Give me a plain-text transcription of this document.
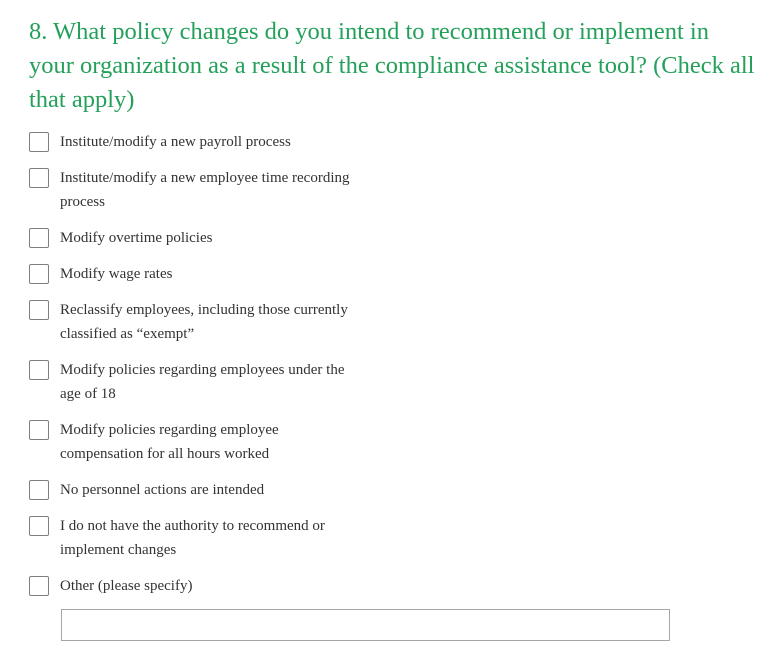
8. What policy changes do you intend to recommend or implement in your organization as a result of the compliance assistance tool? (Check all that apply)
Institute/modify a new payroll process
Institute/modify a new employee time recording process
Modify overtime policies
Modify wage rates
Reclassify employees, including those currently classified as “exempt”
Modify policies regarding employees under the age of 18
Modify policies regarding employee compensation for all hours worked
No personnel actions are intended
I do not have the authority to recommend or implement changes
Other (please specify)
